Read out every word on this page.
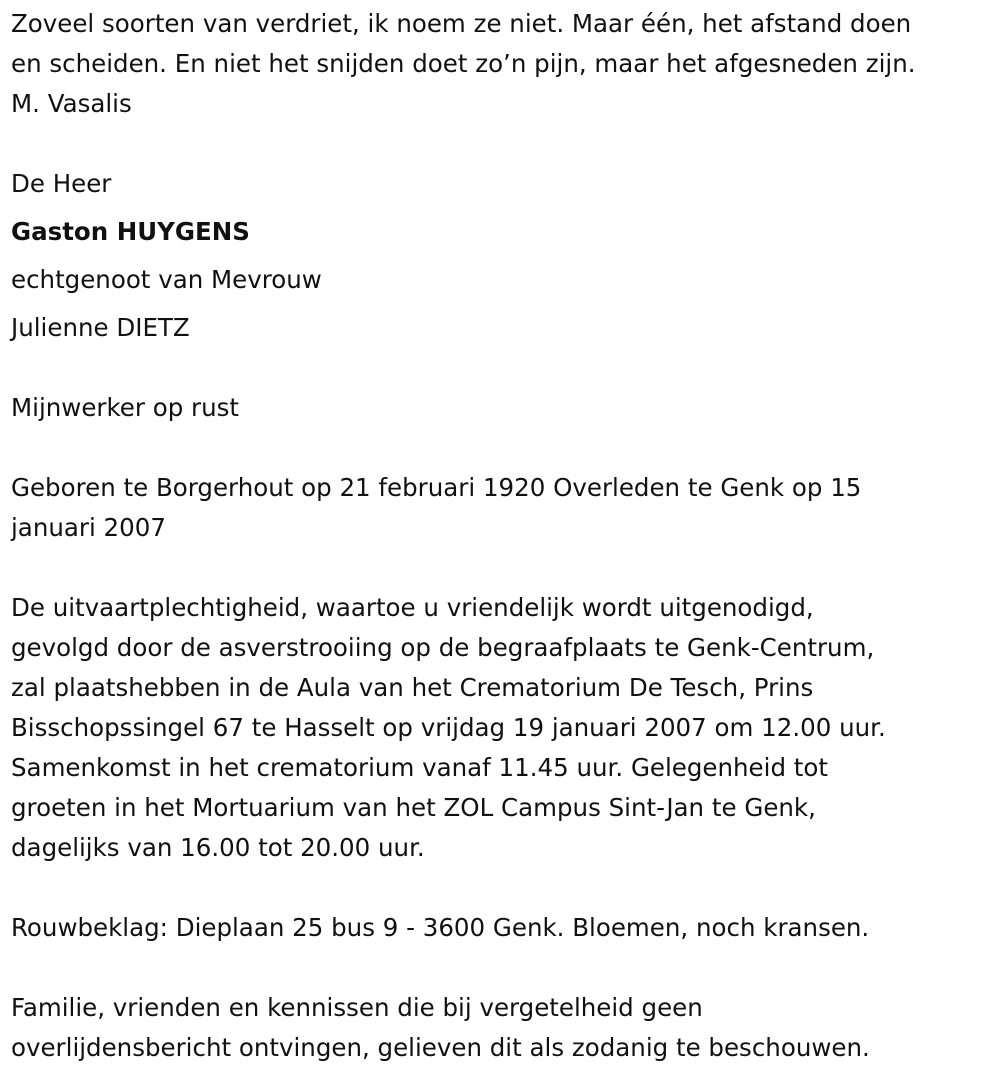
Zoveel soorten van verdriet, ik noem ze niet. Maar één, het afstand doen
en scheiden. En niet het snijden doet zo’n pijn, maar het afgesneden zijn.
M. Vasalis
De Heer
Gaston HUYGENS
echtgenoot van Mevrouw
Julienne DIETZ
Mijnwerker op rust
Geboren te Borgerhout op 21 februari 1920 Overleden te Genk op 15
januari 2007
De uitvaartplechtigheid, waartoe u vriendelijk wordt uitgenodigd,
gevolgd door de asverstrooiing op de begraafplaats te Genk-Centrum,
zal plaatshebben in de Aula van het Crematorium De Tesch, Prins
Bisschopssingel 67 te Hasselt op vrijdag 19 januari 2007 om 12.00 uur.
Samenkomst in het crematorium vanaf 11.45 uur. Gelegenheid tot
groeten in het Mortuarium van het ZOL Campus Sint-Jan te Genk,
dagelijks van 16.00 tot 20.00 uur.
Rouwbeklag: Dieplaan 25 bus 9 - 3600 Genk. Bloemen, noch kransen.
Familie, vrienden en kennissen die bij vergetelheid geen
overlijdensbericht ontvingen, gelieven dit als zodanig te beschouwen.
